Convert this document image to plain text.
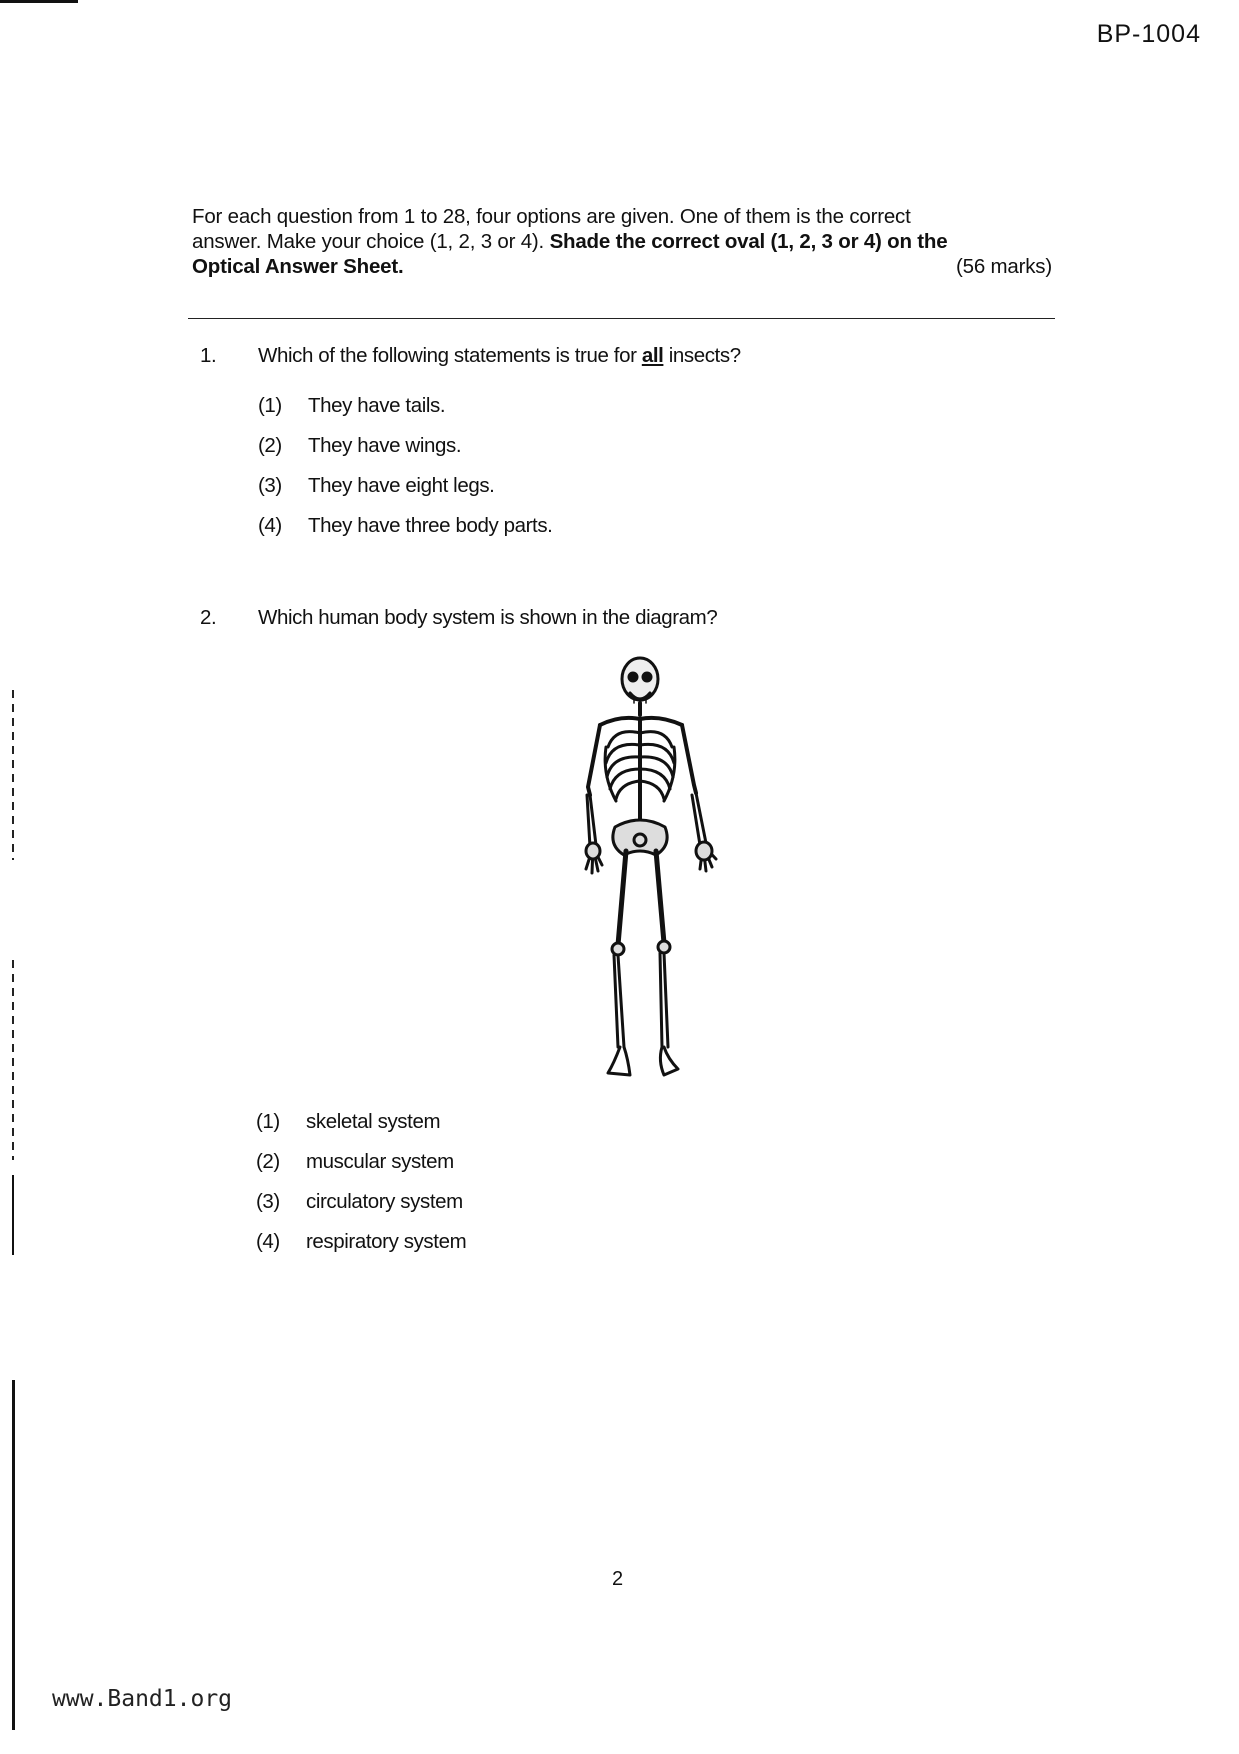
BP-1004
For each question from 1 to 28, four options are given. One of them is the correct
answer. Make your choice (1, 2, 3 or 4). Shade the correct oval (1, 2, 3 or 4) on the
Optical Answer Sheet.	(56 marks)
1. Which of the following statements is true for all insects?
(1) They have tails.
(2) They have wings.
(3) They have eight legs.
(4) They have three body parts.
2. Which human body system is shown in the diagram?
(1) skeletal system
(2) muscular system
(3) circulatory system
(4) respiratory system
2
www.Band1.org
